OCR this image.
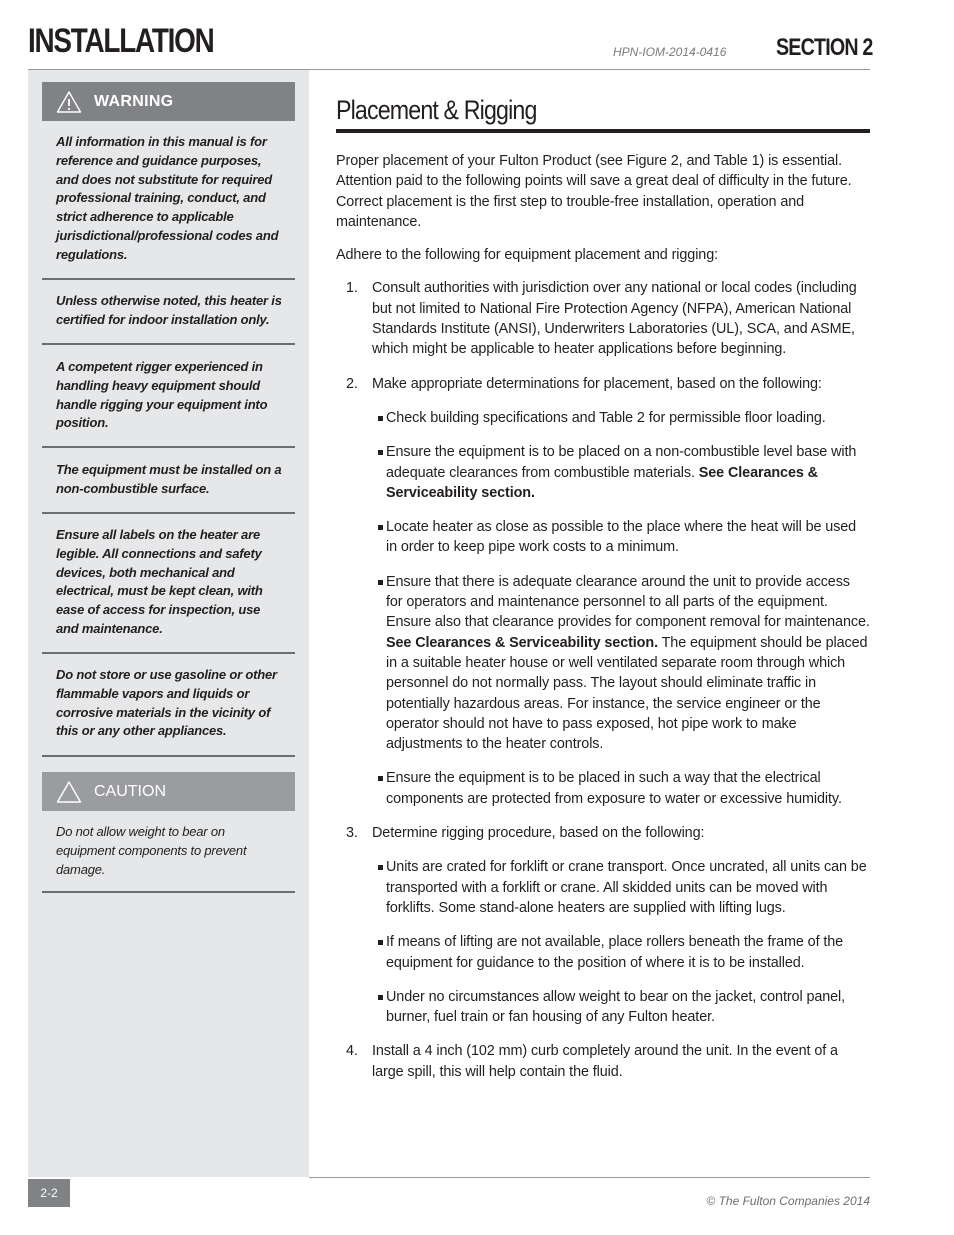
INSTALLATION	HPN-IOM-2014-0416 SECTION 2
WARNING
All information in this manual is for reference and guidance purposes, and does not substitute for required professional training, conduct, and strict adherence to applicable jurisdictional/professional codes and regulations.
Unless otherwise noted, this heater is certified for indoor installation only.
A competent rigger experienced in handling heavy equipment should handle rigging your equipment into position.
The equipment must be installed on a non-combustible surface.
Ensure all labels on the heater are legible. All connections and safety devices, both mechanical and electrical, must be kept clean, with ease of access for inspection, use and maintenance.
Do not store or use gasoline or other flammable vapors and liquids or corrosive materials in the vicinity of this or any other appliances.
CAUTION
Do not allow weight to bear on equipment components to prevent damage.
Placement & Rigging

Proper placement of your Fulton Product (see Figure 2, and Table 1) is essential. Attention paid to the following points will save a great deal of difficulty in the future. Correct placement is the first step to trouble-free installation, operation and maintenance.

Adhere to the following for equipment placement and rigging:

1. Consult authorities with jurisdiction over any national or local codes (including but not limited to National Fire Protection Agency (NFPA), American National Standards Institute (ANSI), Underwriters Laboratories (UL), SCA, and ASME, which might be applicable to heater applications before beginning.
2. Make appropriate determinations for placement, based on the following:
Check building specifications and Table 2 for permissible floor loading.
Ensure the equipment is to be placed on a non-combustible level base with adequate clearances from combustible materials. See Clearances & Serviceability section.
Locate heater as close as possible to the place where the heat will be used in order to keep pipe work costs to a minimum.
Ensure that there is adequate clearance around the unit to provide access for operators and maintenance personnel to all parts of the equipment. Ensure also that clearance provides for component removal for maintenance. See Clearances & Serviceability section. The equipment should be placed in a suitable heater house or well ventilated separate room through which personnel do not normally pass. The layout should eliminate traffic in potentially hazardous areas. For instance, the service engineer or the operator should not have to pass exposed, hot pipe work to make adjustments to the heater controls.
Ensure the equipment is to be placed in such a way that the electrical components are protected from exposure to water or excessive humidity.
3. Determine rigging procedure, based on the following:
Units are crated for forklift or crane transport. Once uncrated, all units can be transported with a forklift or crane. All skidded units can be moved with forklifts. Some stand-alone heaters are supplied with lifting lugs.
If means of lifting are not available, place rollers beneath the frame of the equipment for guidance to the position of where it is to be installed.
Under no circumstances allow weight to bear on the jacket, control panel, burner, fuel train or fan housing of any Fulton heater.
4. Install a 4 inch (102 mm) curb completely around the unit. In the event of a large spill, this will help contain the fluid.
2-2
© The Fulton Companies 2014
